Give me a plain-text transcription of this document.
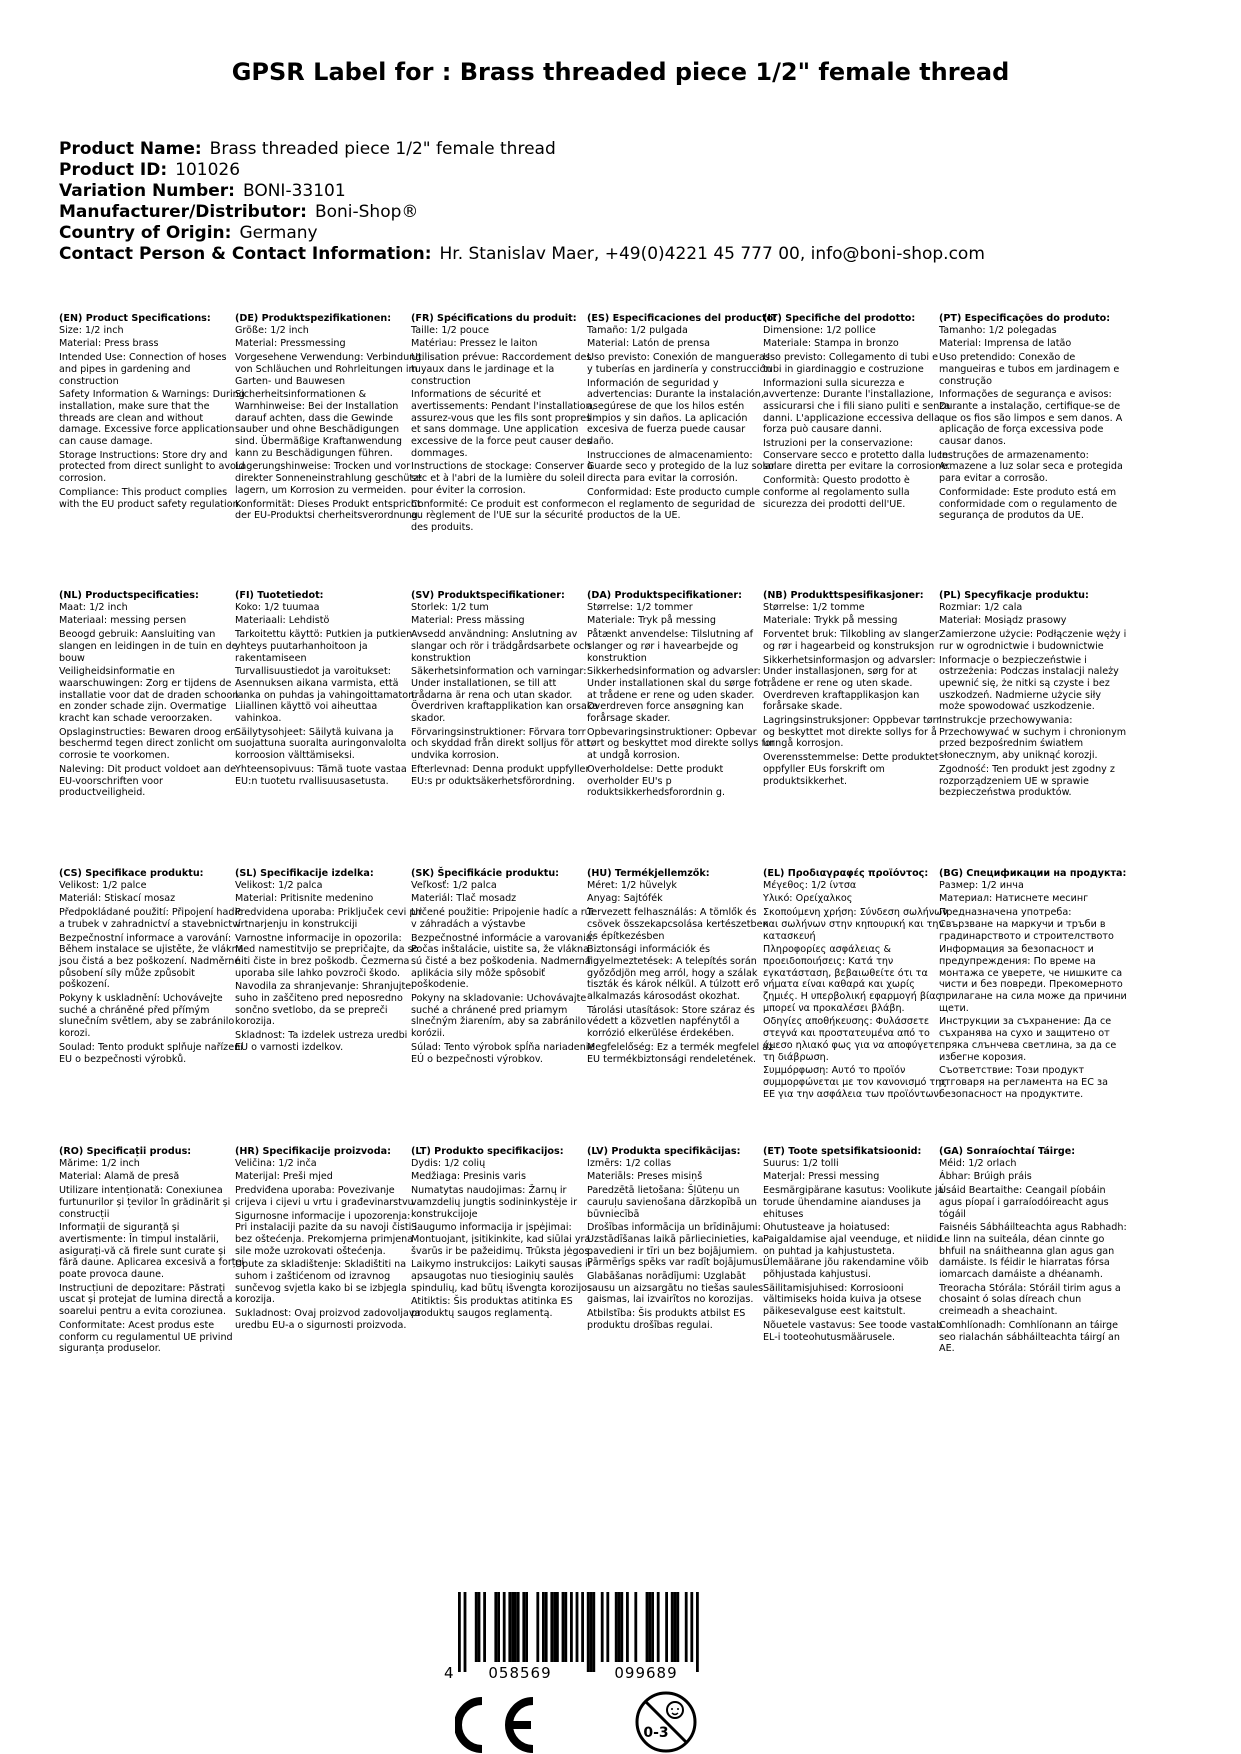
GPSR Label for : Brass threaded piece 1/2" female thread
Product Name: Brass threaded piece 1/2" female thread
Product ID: 101026
Variation Number: BONI-33101
Manufacturer/Distributor: Boni-Shop®
Country of Origin: Germany
Contact Person & Contact Information: Hr. Stanislav Maer, +49(0)4221 45 777 00, info@boni-shop.com
(EN) Product Specifications:

Size: 1/2 inch

Material: Press brass

Intended Use: Connection of hoses and pipes in gardening and construction

Safety Information & Warnings: During installation, make sure that the threads are clean and without damage. Excessive force application can cause damage.

Storage Instructions: Store dry and protected from direct sunlight to avoid corrosion.

Compliance: This product complies with the EU product safety regulation.

(DE) Produktspezifikationen:

Größe: 1/2 inch

Material: Pressmessing

Vorgesehene Verwendung: Verbindung von Schläuchen und Rohrleitungen im Garten- und Bauwesen

Sicherheitsinformationen & Warnhinweise: Bei der Installation darauf achten, dass die Gewinde sauber und ohne Beschädigungen sind. Übermäßige Kraftanwendung kann zu Beschädigungen führen.

Lagerungshinweise: Trocken und vor direkter Sonneneinstrahlung geschützt lagern, um Korrosion zu vermeiden.

Konformität: Dieses Produkt entspricht der EU-Produktsi cherheitsverordnung.

(FR) Spécifications du produit:

Taille: 1/2 pouce

Matériau: Pressez le laiton

Utilisation prévue: Raccordement des tuyaux dans le jardinage et la construction

Informations de sécurité et avertissements: Pendant l'installation, assurez-vous que les fils sont propres et sans dommage. Une application excessive de la force peut causer des dommages.

Instructions de stockage: Conserver à sec et à l'abri de la lumière du soleil pour éviter la corrosion.

Conformité: Ce produit est conforme au règlement de l'UE sur la sécurité des produits.

(ES) Especificaciones del producto:

Tamaño: 1/2 pulgada

Material: Latón de prensa

Uso previsto: Conexión de mangueras y tuberías en jardinería y construcción

Información de seguridad y advertencias: Durante la instalación, asegúrese de que los hilos estén limpios y sin daños. La aplicación excesiva de fuerza puede causar daño.

Instrucciones de almacenamiento: Guarde seco y protegido de la luz solar directa para evitar la corrosión.

Conformidad: Este producto cumple con el reglamento de seguridad de productos de la UE.

(IT) Specifiche del prodotto:

Dimensione: 1/2 pollice

Materiale: Stampa in bronzo

Uso previsto: Collegamento di tubi e tubi in giardinaggio e costruzione

Informazioni sulla sicurezza e avvertenze: Durante l'installazione, assicurarsi che i fili siano puliti e senza danni. L'applicazione eccessiva della forza può causare danni.

Istruzioni per la conservazione: Conservare secco e protetto dalla luce solare diretta per evitare la corrosione.

Conformità: Questo prodotto è conforme al regolamento sulla sicurezza dei prodotti dell'UE.

(PT) Especificações do produto:

Tamanho: 1/2 polegadas

Material: Imprensa de latão

Uso pretendido: Conexão de mangueiras e tubos em jardinagem e construção

Informações de segurança e avisos: Durante a instalação, certifique-se de que os fios são limpos e sem danos. A aplicação de força excessiva pode causar danos.

Instruções de armazenamento: Armazene a luz solar seca e protegida para evitar a corrosão.

Conformidade: Este produto está em conformidade com o regulamento de segurança de produtos da UE.

(NL) Productspecificaties:

Maat: 1/2 inch

Materiaal: messing persen

Beoogd gebruik: Aansluiting van slangen en leidingen in de tuin en de bouw

Veiligheidsinformatie en waarschuwingen: Zorg er tijdens de installatie voor dat de draden schoon en zonder schade zijn. Overmatige kracht kan schade veroorzaken.

Opslaginstructies: Bewaren droog en beschermd tegen direct zonlicht om corrosie te voorkomen.

Naleving: Dit product voldoet aan de EU-voorschriften voor productveiligheid.

(FI) Tuotetiedot:

Koko: 1/2 tuumaa

Materiaali: Lehdistö

Tarkoitettu käyttö: Putkien ja putkien yhteys puutarhanhoitoon ja rakentamiseen

Turvallisuustiedot ja varoitukset: Asennuksen aikana varmista, että lanka on puhdas ja vahingoittamaton. Liiallinen käyttö voi aiheuttaa vahinkoa.

Säilytysohjeet: Säilytä kuivana ja suojattuna suoralta auringonvalolta korroosion välttämiseksi.

Yhteensopivuus: Tämä tuote vastaa EU:n tuotetu rvallisuusasetusta.

(SV) Produktspecifikationer:

Storlek: 1/2 tum

Material: Press mässing

Avsedd användning: Anslutning av slangar och rör i trädgårdsarbete och konstruktion

Säkerhetsinformation och varningar: Under installationen, se till att trådarna är rena och utan skador. Överdriven kraftapplikation kan orsaka skador.

Förvaringsinstruktioner: Förvara torr och skyddad från direkt solljus för att undvika korrosion.

Efterlevnad: Denna produkt uppfyller EU:s pr oduktsäkerhetsförordning.

(DA) Produktspecifikationer:

Størrelse: 1/2 tommer

Materiale: Tryk på messing

Påtænkt anvendelse: Tilslutning af slanger og rør i havearbejde og konstruktion

Sikkerhedsinformation og advarsler: Under installationen skal du sørge for, at trådene er rene og uden skader. Overdreven force ansøgning kan forårsage skader.

Opbevaringsinstruktioner: Opbevar tørt og beskyttet mod direkte sollys for at undgå korrosion.

Overholdelse: Dette produkt overholder EU's p roduktsikkerhedsforordnin g.

(NB) Produkttspesifikasjoner:

Størrelse: 1/2 tomme

Materiale: Trykk på messing

Forventet bruk: Tilkobling av slanger og rør i hagearbeid og konstruksjon

Sikkerhetsinformasjon og advarsler: Under installasjonen, sørg for at trådene er rene og uten skade. Overdreven kraftapplikasjon kan forårsake skade.

Lagringsinstruksjoner: Oppbevar tørr og beskyttet mot direkte sollys for å unngå korrosjon.

Overensstemmelse: Dette produktet oppfyller EUs forskrift om produktsikkerhet.

(PL) Specyfikacje produktu:

Rozmiar: 1/2 cala

Materiał: Mosiądz prasowy

Zamierzone użycie: Podłączenie węży i rur w ogrodnictwie i budownictwie

Informacje o bezpieczeństwie i ostrzeżenia: Podczas instalacji należy upewnić się, że nitki są czyste i bez uszkodzeń. Nadmierne użycie siły może spowodować uszkodzenie.

Instrukcje przechowywania: Przechowywać w suchym i chronionym przed bezpośrednim światłem słonecznym, aby uniknąć korozji.

Zgodność: Ten produkt jest zgodny z rozporządzeniem UE w sprawie bezpieczeństwa produktów.

(CS) Specifikace produktu:

Velikost: 1/2 palce

Materiál: Stiskací mosaz

Předpokládané použití: Připojení hadic a trubek v zahradnictví a stavebnictví

Bezpečnostní informace a varování: Během instalace se ujistěte, že vlákna jsou čistá a bez poškození. Nadměrné působení síly může způsobit poškození.

Pokyny k uskladnění: Uchovávejte suché a chráněné před přímým slunečním světlem, aby se zabránilo korozi.

Soulad: Tento produkt splňuje nařízení EU o bezpečnosti výrobků.

(SL) Specifikacije izdelka:

Velikost: 1/2 palca

Material: Pritisnite medenino

Predvidena uporaba: Priključek cevi pri vrtnarjenju in konstrukciji

Varnostne informacije in opozorila: Med namestitvijo se prepričajte, da so niti čiste in brez poškodb. Čezmerna uporaba sile lahko povzroči škodo.

Navodila za shranjevanje: Shranjujte suho in zaščiteno pred neposredno sončno svetlobo, da se prepreči korozija.

Skladnost: Ta izdelek ustreza uredbi EU o varnosti izdelkov.

(SK) Špecifikácie produktu:

Veľkosť: 1/2 palca

Materiál: Tlač mosadz

Určené použitie: Pripojenie hadíc a rúr v záhradách a výstavbe

Bezpečnostné informácie a varovania: Počas inštalácie, uistite sa, že vlákna sú čisté a bez poškodenia. Nadmerná aplikácia sily môže spôsobiť poškodenie.

Pokyny na skladovanie: Uchovávajte suché a chránené pred priamym slnečným žiarením, aby sa zabránilo korózii.

Súlad: Tento výrobok spĺňa nariadenie EÚ o bezpečnosti výrobkov.

(HU) Termékjellemzők:

Méret: 1/2 hüvelyk

Anyag: Sajtófék

Tervezett felhasználás: A tömlők és csövek összekapcsolása kertészetben és építkezésben

Biztonsági információk és figyelmeztetések: A telepítés során győződjön meg arról, hogy a szálak tiszták és károk nélkül. A túlzott erő alkalmazás károsodást okozhat.

Tárolási utasítások: Store száraz és védett a közvetlen napfénytől a korrózió elkerülése érdekében.

Megfelelőség: Ez a termék megfelel az EU termékbiztonsági rendeletének.

(EL) Προδιαγραφές προϊόντος:

Μέγεθος: 1/2 ίντσα

Υλικό: Ορείχαλκος

Σκοπούμενη χρήση: Σύνδεση σωλήνων και σωλήνων στην κηπουρική και την κατασκευή

Πληροφορίες ασφάλειας & προειδοποιήσεις: Κατά την εγκατάσταση, βεβαιωθείτε ότι τα νήματα είναι καθαρά και χωρίς ζημιές. Η υπερβολική εφαρμογή βίας μπορεί να προκαλέσει βλάβη.

Οδηγίες αποθήκευσης: Φυλάσσετε στεγνά και προστατευμένα από το άμεσο ηλιακό φως για να αποφύγετε τη διάβρωση.

Συμμόρφωση: Αυτό το προϊόν συμμορφώνεται με τον κανονισμό της ΕΕ για την ασφάλεια των προϊόντων.

(BG) Спецификации на продукта:

Размер: 1/2 инча

Материал: Натиснете месинг

Предназначена употреба: Свързване на маркучи и тръби в градинарството и строителството

Информация за безопасност и предупреждения: По време на монтажа се уверете, че нишките са чисти и без повреди. Прекомерното прилагане на сила може да причини щети.

Инструкции за съхранение: Да се съхранява на сухо и защитено от пряка слънчева светлина, за да се избегне корозия.

Съответствие: Този продукт отговаря на регламента на ЕС за безопасност на продуктите.

(RO) Specificații produs:

Mărime: 1/2 inch

Material: Alamă de presă

Utilizare intenționată: Conexiunea furtunurilor și țevilor în grădinărit și construcții

Informații de siguranță și avertismente: În timpul instalării, asigurați-vă că firele sunt curate și fără daune. Aplicarea excesivă a forței poate provoca daune.

Instrucțiuni de depozitare: Păstrați uscat și protejat de lumina directă a soarelui pentru a evita coroziunea.

Conformitate: Acest produs este conform cu regulamentul UE privind siguranța produselor.

(HR) Specifikacije proizvoda:

Veličina: 1/2 inča

Materijal: Preši mjed

Predviđena uporaba: Povezivanje crijeva i cijevi u vrtu i građevinarstvu

Sigurnosne informacije i upozorenja: Pri instalaciji pazite da su navoji čisti i bez oštećenja. Prekomjerna primjena sile može uzrokovati oštećenja.

Upute za skladištenje: Skladištiti na suhom i zaštićenom od izravnog sunčevog svjetla kako bi se izbjegla korozija.

Sukladnost: Ovaj proizvod zadovoljava uredbu EU-a o sigurnosti proizvoda.

(LT) Produkto specifikacijos:

Dydis: 1/2 colių

Medžiaga: Presinis varis

Numatytas naudojimas: Žarnų ir vamzdelių jungtis sodininkystėje ir konstrukcijoje

Saugumo informacija ir įspėjimai: Montuojant, įsitikinkite, kad siūlai yra švarūs ir be pažeidimų. Trūksta jėgos.

Laikymo instrukcijos: Laikyti sausas ir apsaugotas nuo tiesioginių saulės spindulių, kad būtų išvengta korozijos.

Atitiktis: Šis produktas atitinka ES produktų saugos reglamentą.

(LV) Produkta specifikācijas:

Izmērs: 1/2 collas

Materiāls: Preses misiņš

Paredzētā lietošana: Šļūteņu un cauruļu savienošana dārzkopībā un būvniecībā

Drošības informācija un brīdinājumi: Uzstādīšanas laikā pārliecinieties, ka pavedieni ir tīri un bez bojājumiem. Pārmērīgs spēks var radīt bojājumus.

Glabāšanas norādījumi: Uzglabāt sausu un aizsargātu no tiešas saules gaismas, lai izvairītos no korozijas.

Atbilstība: Šis produkts atbilst ES produktu drošības regulai.

(ET) Toote spetsifikatsioonid:

Suurus: 1/2 tolli

Materjal: Pressi messing

Eesmärgipärane kasutus: Voolikute ja torude ühendamine aianduses ja ehituses

Ohutusteave ja hoiatused: Paigaldamise ajal veenduge, et niidid on puhtad ja kahjustusteta. Ülemäärane jõu rakendamine võib põhjustada kahjustusi.

Säilitamisjuhised: Korrosiooni vältimiseks hoida kuiva ja otsese päikesevalguse eest kaitstult.

Nõuetele vastavus: See toode vastab EL-i tooteohutusmäärusele.

(GA) Sonraíochtaí Táirge:

Méid: 1/2 orlach

Ábhar: Brúigh práis

Úsáid Beartaithe: Ceangail píobáin agus píopaí i garraíodóireacht agus tógáil

Faisnéis Sábháilteachta agus Rabhadh: Le linn na suiteála, déan cinnte go bhfuil na snáitheanna glan agus gan damáiste. Is féidir le hiarratas fórsa iomarcach damáiste a dhéanamh.

Treoracha Stórála: Stóráil tirim agus a chosaint ó solas díreach chun creimeadh a sheachaint.

Comhlíonadh: Comhlíonann an táirge seo rialachán sábháilteachta táirgí an AE.

4 058569	099689
0-3
